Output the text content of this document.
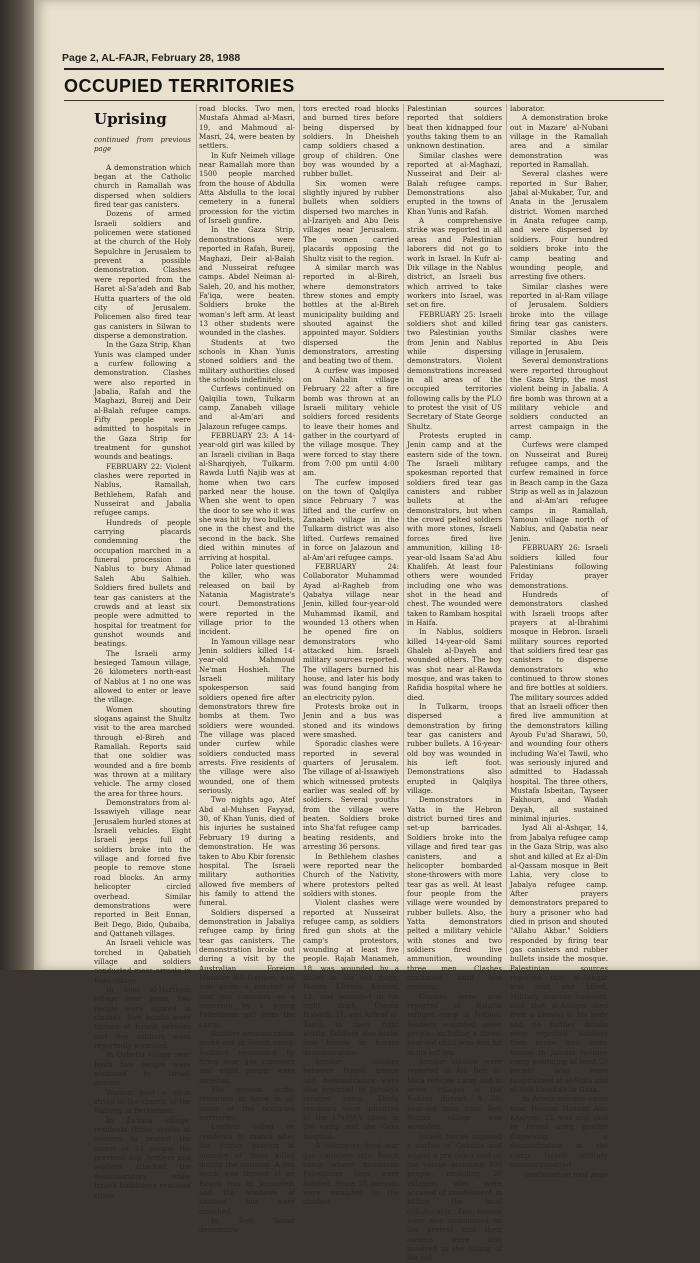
Page 2, AL-FAJR, February 28, 1988
OCCUPIED TERRITORIES

Uprising

continued from previous page

A demonstration which began at the Catholic church in Ramallah was dispersed when soldiers fired tear gas canisters.

Dozens of armed Israeli soldiers and policemen were stationed at the church of the Holy Sepulchre in Jerusalem to prevent a possible demonstration. Clashes were reported from the Haret al-Sa'adeh and Bab Hutta quarters of the old city of Jerusalem. Policemen also fired tear gas canisters in Silwan to disperse a demonstration.

In the Gaza Strip, Khan Yunis was clamped under a curfew following a demonstration. Clashes were also reported in Jabalia, Rafah and the Maghazi, Bureij and Deir al-Balah refugee camps. Fifty people were admitted to hospitals in the Gaza Strip for treatment for gunshot wounds and beatings.

FEBRUARY 22: Violent clashes were reported in Nablus, Ramallah, Bethlehem, Rafah and Nusseirat and Jabalia refugee camps.

Hundreds of people carrying placards condemning the occupation marched in a funeral procession in Nablus to bury Ahmad Saleh Abu Salhieh. Soldiers fired bullets and tear gas canisters at the crowds and at least six people were admitted to hospital for treatment for gunshot wounds and beatings.

The Israeli army besieged Tamoun village, 26 kilometers north-east of Nablus at 1 no one was allowed to enter or leave the village.

Women shouting slogans against the Shultz visit to the area marched through el-Bireh and Ramallah. Reports said that one soldier was wounded and a fire bomb was thrown at a military vehicle. The army closed the area for three hours.

Demonstrators from al-Issawiyeh village near Jerusalem hurled stones at Israeli vehicles. Eight Israeli jeeps full of soldiers broke into the village and forced five people to remove stone road blocks. An army helicopter circled overhead. Similar demonstrations were reported in Beit Ennan, Beit Dego, Bido, Qubaiba, and Qattaneh villages.

An Israeli vehicle was torched in Qabatieh village and soldiers conducted mass arrests in Bido village.

In Silet al-Harthieh village near Jenin, two people were injured in clashes. Fire bombs were thrown at Israeli vehicles and five soldiers were reportedly wounded.

In Qabatia village near Jenin two people were wounded by Israeli gunfire.

Women held a sit-in strike in the church of the Nativity in Bethlehem.

In Za'tara village, residents threw stones at soldiers to protest the arrest of 23 people the previous day. Settlers and soldiers attacked the demonstrators while Israeli bulldozers removed stone

road blocks. Two men, Mustafa Ahmad al-Masri, 19, and Mahmoud al-Masri, 24, were beaten by settlers.

In Kufr Neimeh village near Ramallah more than 1500 people marched from the house of Abdulla Atta Abdulla to the local cemetery in a funeral procession for the victim of Israeli gunfire.

In the Gaza Strip, demonstrations were reported in Rafah, Bureij, Maghazi, Deir al-Balah and Nusseirat refugee camps. Abdel Neiman al-Saleh, 20, and his mother, Fa'iqa, were beaten. Soldiers broke the woman's left arm. At least 13 other students were wounded in the clashes.

Students at two schools in Khan Yunis stoned soldiers and the military authorities closed the schools indefinitely.

Curfews continued on Qalqilia town, Tulkarm camp, Zanabeh village and al-Am'ari and Jalazoun refugee camps.

FEBRUARY 23: A 14-year-old girl was killed by an Israeli civilian in Baqa al-Sharqiyeh, Tulkarm. Rawda Lutfi Najib was at home when two cars parked near the house. When she went to open the door to see who it was she was hit by two bullets, one in the chest and the second in the back. She died within minutes of arriving at hospital.

Police later questioned the killer, who was released on bail by Natania Magistrate's court. Demonstrations were reported in the village prior to the incident.

In Yamoun village near Jenin soldiers killed 14-year-old Mahmoud Ne'man Hoshieh. The Israeli military spokesperson said soldiers opened fire after demonstrators threw fire bombs at them. Two soldiers were wounded. The village was placed under curfew while soldiers conducted mass arrests. Five residents of the village were also wounded, one of them seriously.

Two nights ago, Atef Abd al-Muhsen Fayyad, 30, of Khan Yunis, died of his injuries he sustained February 19 during a demonstration. He was taken to Abu Kbir forensic hospital. The Israeli military authorities allowed five members of his family to attend the funeral.

Soldiers dispersed a demonstration in Jabaliya refugee camp by firing tear gas canisters. The demonstration broke out during a visit by the Australian Foreign Minister Bill Hayden, who was given a number of tear gas canisters as a memento by a young Palestinian girl from the camp.

Another demonstration broke out in Beach camp. Soldiers responded by firing tear gas canisters and eight people were arrested.

The general strike remained in force in all areas of the occupied territories.

Leaflets called on residents to march after the Friday prayers in memory of those killed during the uprising. A fire bomb was thrown at an Israeli bus in Jerusalem and the windows of another bus were smashed.

In Beit Sahor demonstra-

tors erected road blocks and burned tires before being dispersed by soldiers. In Dheisheh camp soldiers chased a group of children. One boy was wounded by a rubber bullet.

Six women were slightly injured by rubber bullets when soldiers dispersed two marches in al-Izariyeh and Abu Deis villages near Jerusalem. The women carried placards opposing the Shultz visit to the region.

A similar march was reported in al-Bireh, where demonstrators threw stones and empty bottles at the al-Bireh municipality building and shouted against the appointed mayor. Soldiers dispersed the demonstrators, arresting and beating two of them.

A curfew was imposed on Nahalin village February 22 after a fire bomb was thrown at an Israeli military vehicle soldiers forced residents to leave their homes and gather in the courtyard of the village mosque. They were forced to stay there from 7:00 pm until 4:00 am.

The curfew imposed on the town of Qalqilya since February 7 was lifted and the curfew on Zanabeh village in the Tulkarm district was also lifted. Curfews remained in force on Jalazoun and al-Am'ari refugee camps.

FEBRUARY 24: Collaborator Muhammad Ayad al-Ragheb from Qabatya village near Jenin, killed four-year-old Muhammad Ikamil, and wounded 13 others when he opened fire on demonstrators who attacked him. Israeli military sources reported. The villagers burned his house, and later his body was found hanging from an electricity pylon.

Protests broke out in Jenin and a bus was stoned and its windows were smashed.

Sporadic clashes were reported in several quarters of Jerusalem. The village of al-Issawiyeh which witnessed protests earlier was sealed off by soldiers. Several youths from the village were beaten. Soldiers broke into Sha'fat refugee camp beating residents, and arresting 36 persons.

In Bethlehem clashes were reported near the Church of the Nativity, where protestors pelted soldiers with stones.

Violent clashes were reported at Nusseirat refugee camp, as soldiers fired gun shots at the camp's protestors, wounding at least five people. Rajab Manameh, 18, was wounded by a bullet in his left thigh, Mazen Khamis Khader, 12, was wounded in his right thigh, Usama Habash, 21, and Ashraf al-Tawil, in their right wrists. Soldiers also broke into homes to harass demonstrators.

Similar clashes between Israeli troops and demonstrators were also reported in Jabaliya refugee camp. Thirty residents were admitted to the UNRWA clinic in the camp and the Gaza hospital.

A helicopter fired tear gas canisters into Beach camp where numerous Palestinian flags were hoisted. Some 25 persons were wounded in the clashes.

Palestinian sources reported that soldiers beat then kidnapped four youths taking them to an unknown destination.

Similar clashes were reported at al-Maghazi, Nusseirat and Deir al-Balah refugee camps. Demonstrations also erupted in the towns of Khan Yunis and Rafah.

A comprehensive strike was reported in all areas and Palestinian laborers did not go to work in Israel. In Kufr al-Dik village in the Nablus district, an Israeli bus which arrived to take workers into Israel, was set on fire.

FEBRUARY 25: Israeli soldiers shot and killed two Palestinian youths from Jenin and Nablus while dispersing demonstrators. Violent demonstrations increased in all areas of the occupied territories following calls by the PLO to protest the visit of US Secretary of State George Shultz.

Protests erupted in Jenin camp and at the eastern side of the town. The Israeli military spokesman reported that soldiers fired tear gas canisters and rubber bullets at the demonstrators, but when the crowd pelted soldiers with more stones, Israeli forces fired live ammunition, killing 18-year-old Isaam Sa'ad Abu Khalifeh. At least four others were wounded including one who was shot in the head and chest. The wounded were taken to Rambam hospital in Haifa.

In Nablus, soldiers killed 14-year-old Sami Ghaleb al-Dayeh and wounded others. The boy was shot near al-Rawda mosque, and was taken to Rafidia hospital where he died.

In Tulkarm, troops dispersed a demonstration by firing tear gas canisters and rubber bullets. A 16-year-old boy was wounded in his left foot. Demonstrations also erupted in Qalqilya village.

Demonstrators in Yatta in the Hebron district burned tires and set-up barricades. Soldiers broke into the village and fired tear gas canisters, and a helicopter bombarded stone-throwers with more tear gas as well. At least four people from the village were wounded by rubber bullets. Also, the Yatta demonstrators pelted a military vehicle with stones and two soldiers fired live ammunition, wounding three men. Clashes continued until late evening.

Clashes were also reported in Balatta refugee camp in Nablus. Soldiers wounded seven people, including a three-year-old child who was hit in his left leg.

Similar clashes were reported in Ain Beit al-Ma'a refugee camp and in seven villages in the Nablus district. A 28-year-old man from Beit Wazan village was wounded.

Israeli forces imposed a curfew in Qabatia and waged a pre-dawn raid on the village arresting 200 people, including 20 villagers who were accused of involvement in killing the local collaborator. Two houses were also demolished on the pretext that their owners were also involved in the killing of the col-

laborator.

A demonstration broke out in Mazare' al-Nubani village in the Ramallah area and a similar demonstration was reported in Ramallah.

Several clashes were reported in Sur Baher, Jabal al-Mukaber, Tur, and Anata in the Jerusalem district. Women marched in Anata refugee camp, and were dispersed by soldiers. Four hundred soldiers broke into the camp beating and wounding people, and arresting five others.

Similar clashes were reported in al-Ram village of Jerusalem. Soldiers broke into the village firing tear gas canisters. Similar clashes were reported in Abu Deis village in Jerusalem.

Several demonstrations were reported throughout the Gaza Strip, the most violent being in Jabalia. A fire bomb was thrown at a military vehicle and soldiers conducted an arrest campaign in the camp.

Curfews were clamped on Nusseirat and Bureij refugee camps, and the curfew remained in force in Beach camp in the Gaza Strip as well as in Jalazoun and al-Am'ari refugee camps in Ramallah, Yamoun village north of Nablus, and Qabatia near Jenin.

FEBRUARY 26: Israeli soldiers killed four Palestinians following Friday prayer demonstrations.

Hundreds of demonstrators clashed with Israeli troops after prayers at al-Ibrahimi mosque in Hebron. Israeli military sources reported that soldiers fired tear gas canisters to disperse demonstrators who continued to throw stones and fire bottles at soldiers. The military sources added that an Israeli officer then fired live ammunition at the demonstrators killing Ayoub Fu'ad Sharawi, 50, and wounding four others including Wa'el Tawil, who was seriously injured and admitted to Hadassah hospital. The three others, Mustafa Isbeitan, Tayseer Fakhouri, and Wadah Deyah, all sustained minimal injuries.

Iyad Ali al-Ashqar, 14, from Jabalya refugee camp in the Gaza Strip, was also shot and killed at Ez al-Din al-Qassam mosque in Beit Lahia, very close to Jabalya refugee camp. After prayers demonstrators prepared to bury a prisoner who had died in prison and shouted "Allahu Akbar." Soldiers responded by firing tear gas canisters and rubber bullets inside the mosque. Palestinian sources reported that al-Ashqar was shot and killed. Military sources however, said that al-Ashqar died from a blow(s) to his body and no further details were reported. Soldiers then broke into many homes in Jabalia refugee camp wounding at least 20 people who were hospitalized at al-Shifa and al-Ahli hospitals in Gaza.

In Aroub refugee camp near Hebron Hassan Abu Khalyan, 22, was also shot by Israeli army gunfire dispersing a demonstration in the camp. Israeli military sources reported

continued on next page
